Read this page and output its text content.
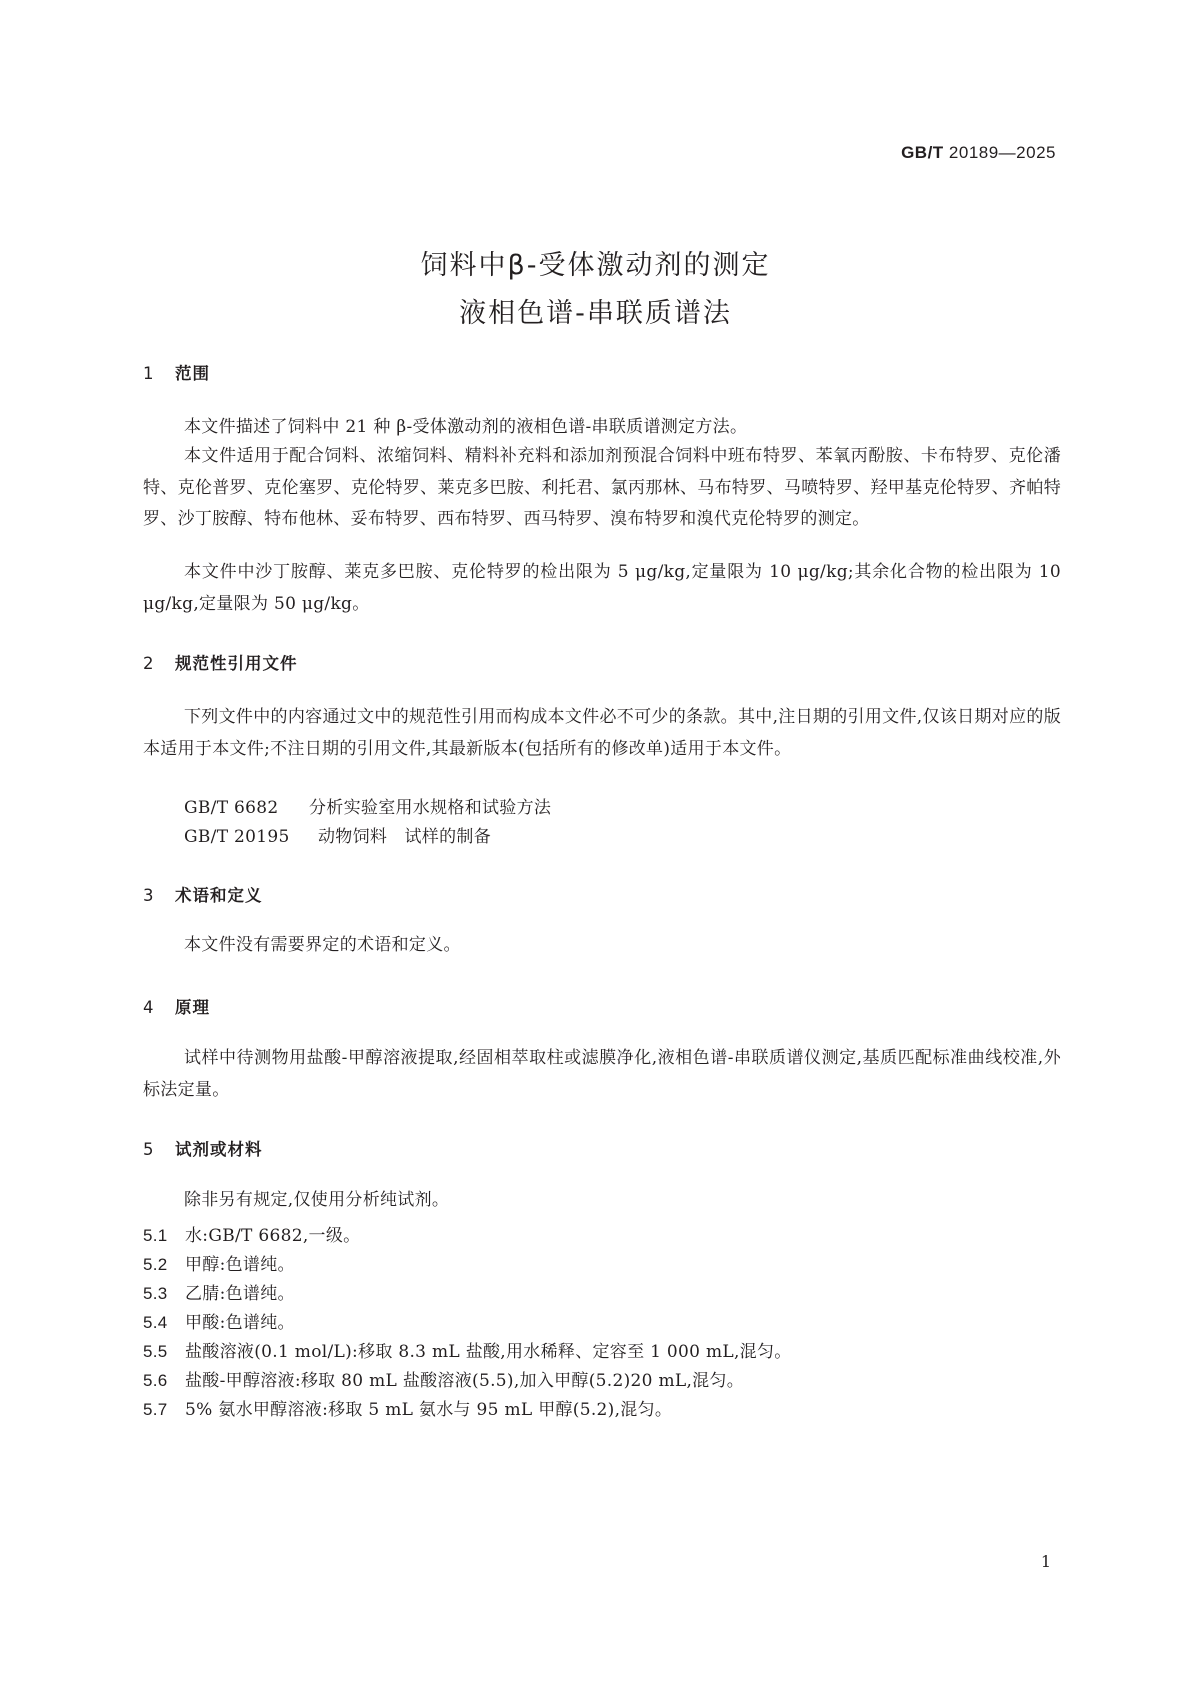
GB/T 20189—2025
饲料中β-受体激动剂的测定
液相色谱-串联质谱法
1 范围
本文件描述了饲料中 21 种 β-受体激动剂的液相色谱-串联质谱测定方法。
本文件适用于配合饲料、浓缩饲料、精料补充料和添加剂预混合饲料中班布特罗、苯氧丙酚胺、卡布特罗、克伦潘特、克伦普罗、克伦塞罗、克伦特罗、莱克多巴胺、利托君、氯丙那林、马布特罗、马喷特罗、羟甲基克伦特罗、齐帕特罗、沙丁胺醇、特布他林、妥布特罗、西布特罗、西马特罗、溴布特罗和溴代克伦特罗的测定。
本文件中沙丁胺醇、莱克多巴胺、克伦特罗的检出限为 5 μg/kg,定量限为 10 μg/kg;其余化合物的检出限为 10 μg/kg,定量限为 50 μg/kg。
2 规范性引用文件
下列文件中的内容通过文中的规范性引用而构成本文件必不可少的条款。其中,注日期的引用文件,仅该日期对应的版本适用于本文件;不注日期的引用文件,其最新版本(包括所有的修改单)适用于本文件。
GB/T 6682 分析实验室用水规格和试验方法
GB/T 20195 动物饲料　试样的制备
3 术语和定义
本文件没有需要界定的术语和定义。
4 原理
试样中待测物用盐酸-甲醇溶液提取,经固相萃取柱或滤膜净化,液相色谱-串联质谱仪测定,基质匹配标准曲线校准,外标法定量。
5 试剂或材料
除非另有规定,仅使用分析纯试剂。
5.1 水:GB/T 6682,一级。
5.2 甲醇:色谱纯。
5.3 乙腈:色谱纯。
5.4 甲酸:色谱纯。
5.5 盐酸溶液(0.1 mol/L):移取 8.3 mL 盐酸,用水稀释、定容至 1 000 mL,混匀。
5.6 盐酸-甲醇溶液:移取 80 mL 盐酸溶液(5.5),加入甲醇(5.2)20 mL,混匀。
5.7 5% 氨水甲醇溶液:移取 5 mL 氨水与 95 mL 甲醇(5.2),混匀。
1
